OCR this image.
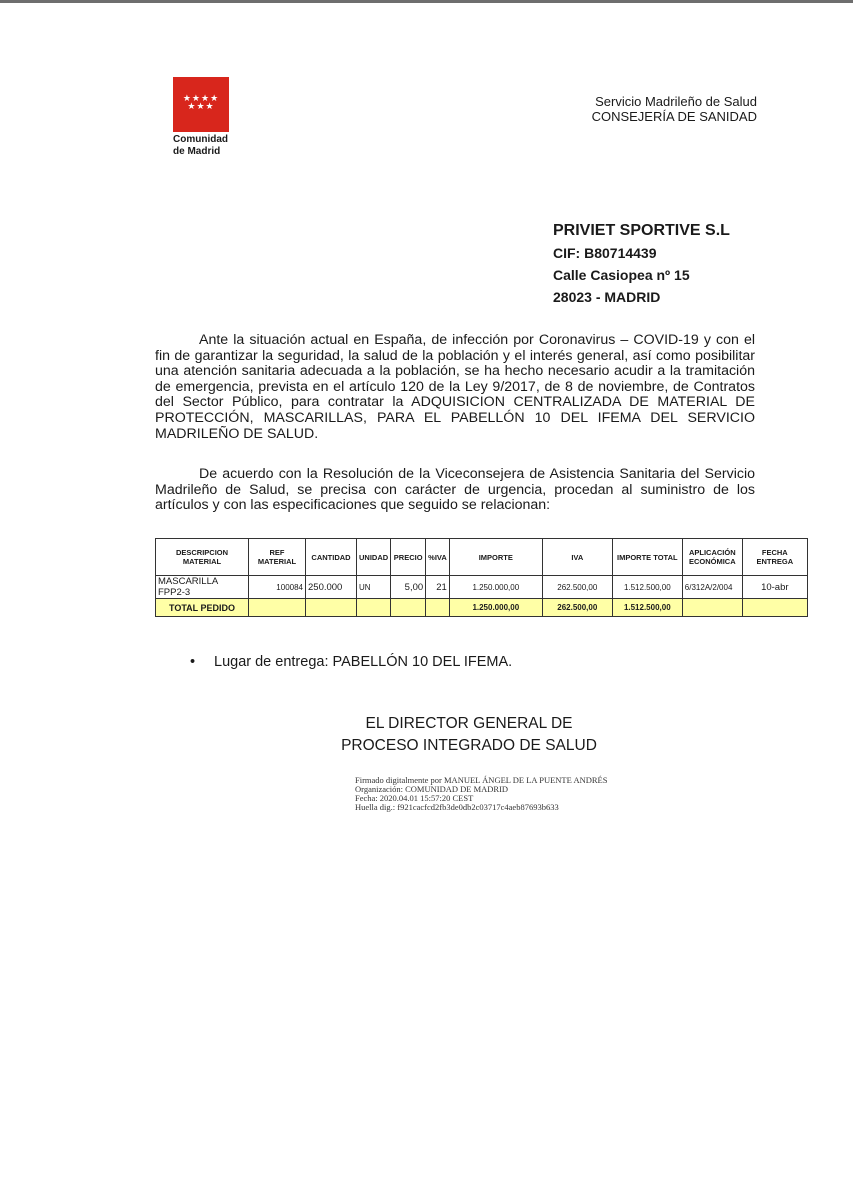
★★★★
★★★
Comunidad
de Madrid
Servicio Madrileño de Salud
CONSEJERÍA DE SANIDAD
PRIVIET SPORTIVE S.L
CIF: B80714439
Calle Casiopea nº 15
28023 - MADRID

Ante la situación actual en España, de infección por Coronavirus – COVID-19 y con el fin de garantizar la seguridad, la salud de la población y el interés general, así como posibilitar una atención sanitaria adecuada a la población, se ha hecho necesario acudir a la tramitación de emergencia, prevista en el artículo 120 de la Ley 9/2017, de 8 de noviembre, de Contratos del Sector Público, para contratar la ADQUISICION CENTRALIZADA DE MATERIAL DE PROTECCIÓN, MASCARILLAS, PARA EL PABELLÓN 10 DEL IFEMA DEL SERVICIO MADRILEÑO DE SALUD.

De acuerdo con la Resolución de la Viceconsejera de Asistencia Sanitaria del Servicio Madrileño de Salud, se precisa con carácter de urgencia, procedan al suministro de los artículos y con las especificaciones que seguido se relacionan:

DESCRIPCION MATERIAL	REF MATERIAL	CANTIDAD	UNIDAD	PRECIO	%IVA	IMPORTE	IVA	IMPORTE TOTAL	APLICACIÓN ECONÓMICA	FECHA ENTREGA
MASCARILLA FPP2-3	100084	250.000	UN	5,00	21	1.250.000,00	262.500,00	1.512.500,00	6/312A/2/004	10-abr
TOTAL PEDIDO						1.250.000,00	262.500,00	1.512.500,00		
• Lugar de entrega: PABELLÓN 10 DEL IFEMA.
EL DIRECTOR GENERAL DE
PROCESO INTEGRADO DE SALUD
Firmado digitalmente por MANUEL ÁNGEL DE LA PUENTE ANDRÉS
Organización: COMUNIDAD DE MADRID
Fecha: 2020.04.01 15:57:20 CEST
Huella dig.: f921cacfcd2fb3de0db2c03717c4aeb87693b633
